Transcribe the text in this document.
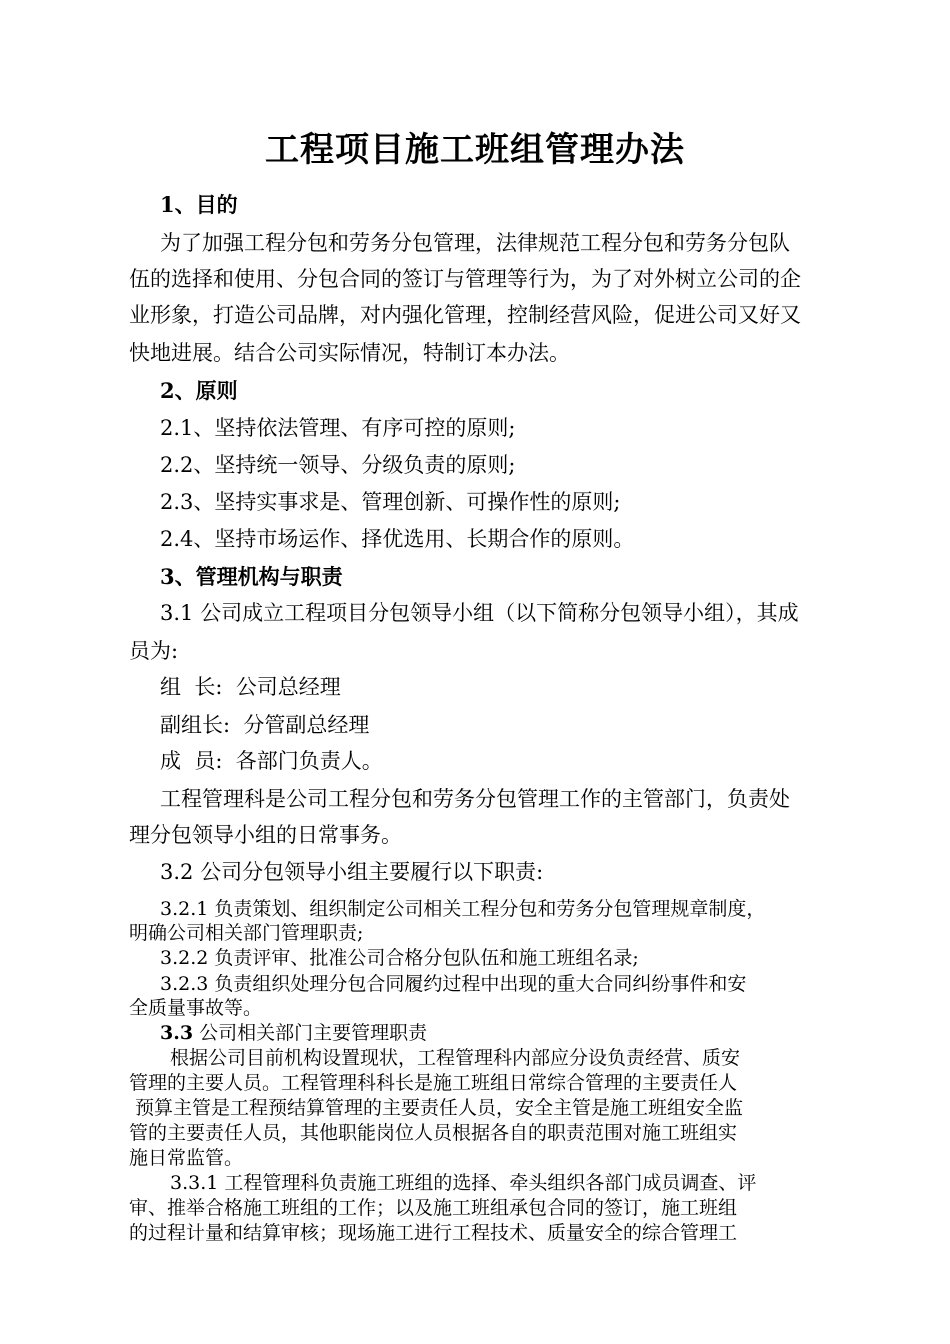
工程项目施工班组管理办法
1、目的
为了加强工程分包和劳务分包管理，法律规范工程分包和劳务分包队
伍的选择和使用、分包合同的签订与管理等行为，为了对外树立公司的企
业形象，打造公司品牌，对内强化管理，控制经营风险，促进公司又好又
快地进展。结合公司实际情况，特制订本办法。
2、原则
2.1、坚持依法管理、有序可控的原则;
2.2、坚持统一领导、分级负责的原则;
2.3、坚持实事求是、管理创新、可操作性的原则;
2.4、坚持市场运作、择优选用、长期合作的原则。
3、管理机构与职责
3.1 公司成立工程项目分包领导小组（以下简称分包领导小组），其成
员为:
组  长:  公司总经理
副组长:  分管副总经理
成  员:  各部门负责人。
工程管理科是公司工程分包和劳务分包管理工作的主管部门，负责处
理分包领导小组的日常事务。
3.2 公司分包领导小组主要履行以下职责:
3.2.1 负责策划、组织制定公司相关工程分包和劳务分包管理规章制度，
明确公司相关部门管理职责;
3.2.2 负责评审、批准公司合格分包队伍和施工班组名录;
3.2.3 负责组织处理分包合同履约过程中出现的重大合同纠纷事件和安
全质量事故等。
3.3 公司相关部门主要管理职责
根据公司目前机构设置现状，工程管理科内部应分设负责经营、质安
管理的主要人员。工程管理科科长是施工班组日常综合管理的主要责任人
预算主管是工程预结算管理的主要责任人员，安全主管是施工班组安全监
管的主要责任人员，其他职能岗位人员根据各自的职责范围对施工班组实
施日常监管。
3.3.1 工程管理科负责施工班组的选择、牵头组织各部门成员调查、评
审、推举合格施工班组的工作；以及施工班组承包合同的签订，施工班组
的过程计量和结算审核；现场施工进行工程技术、质量安全的综合管理工
